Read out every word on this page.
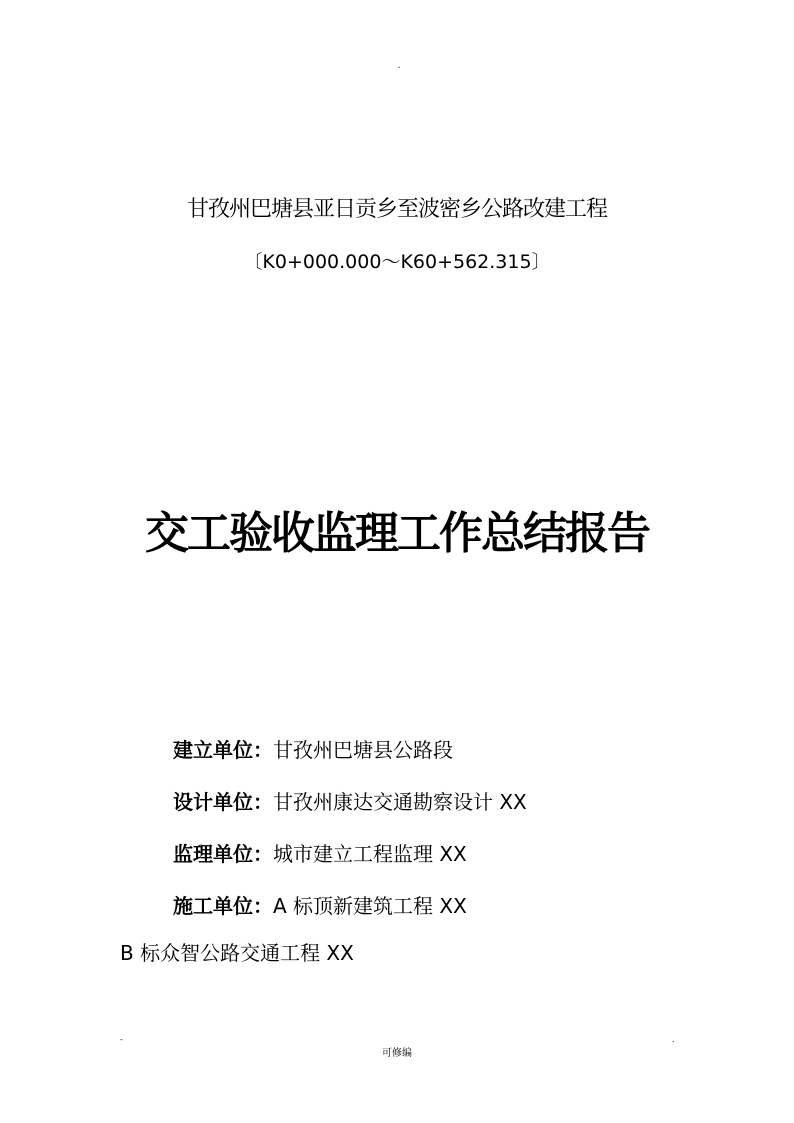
.
甘孜州巴塘县亚日贡乡至波密乡公路改建工程
〔K0+000.000～K60+562.315〕
交工验收监理工作总结报告
建立单位：甘孜州巴塘县公路段
设计单位：甘孜州康达交通勘察设计 XX
监理单位：城市建立工程监理 XX
施工单位：A 标顶新建筑工程 XX
B 标众智公路交通工程 XX
-
可修编
.
